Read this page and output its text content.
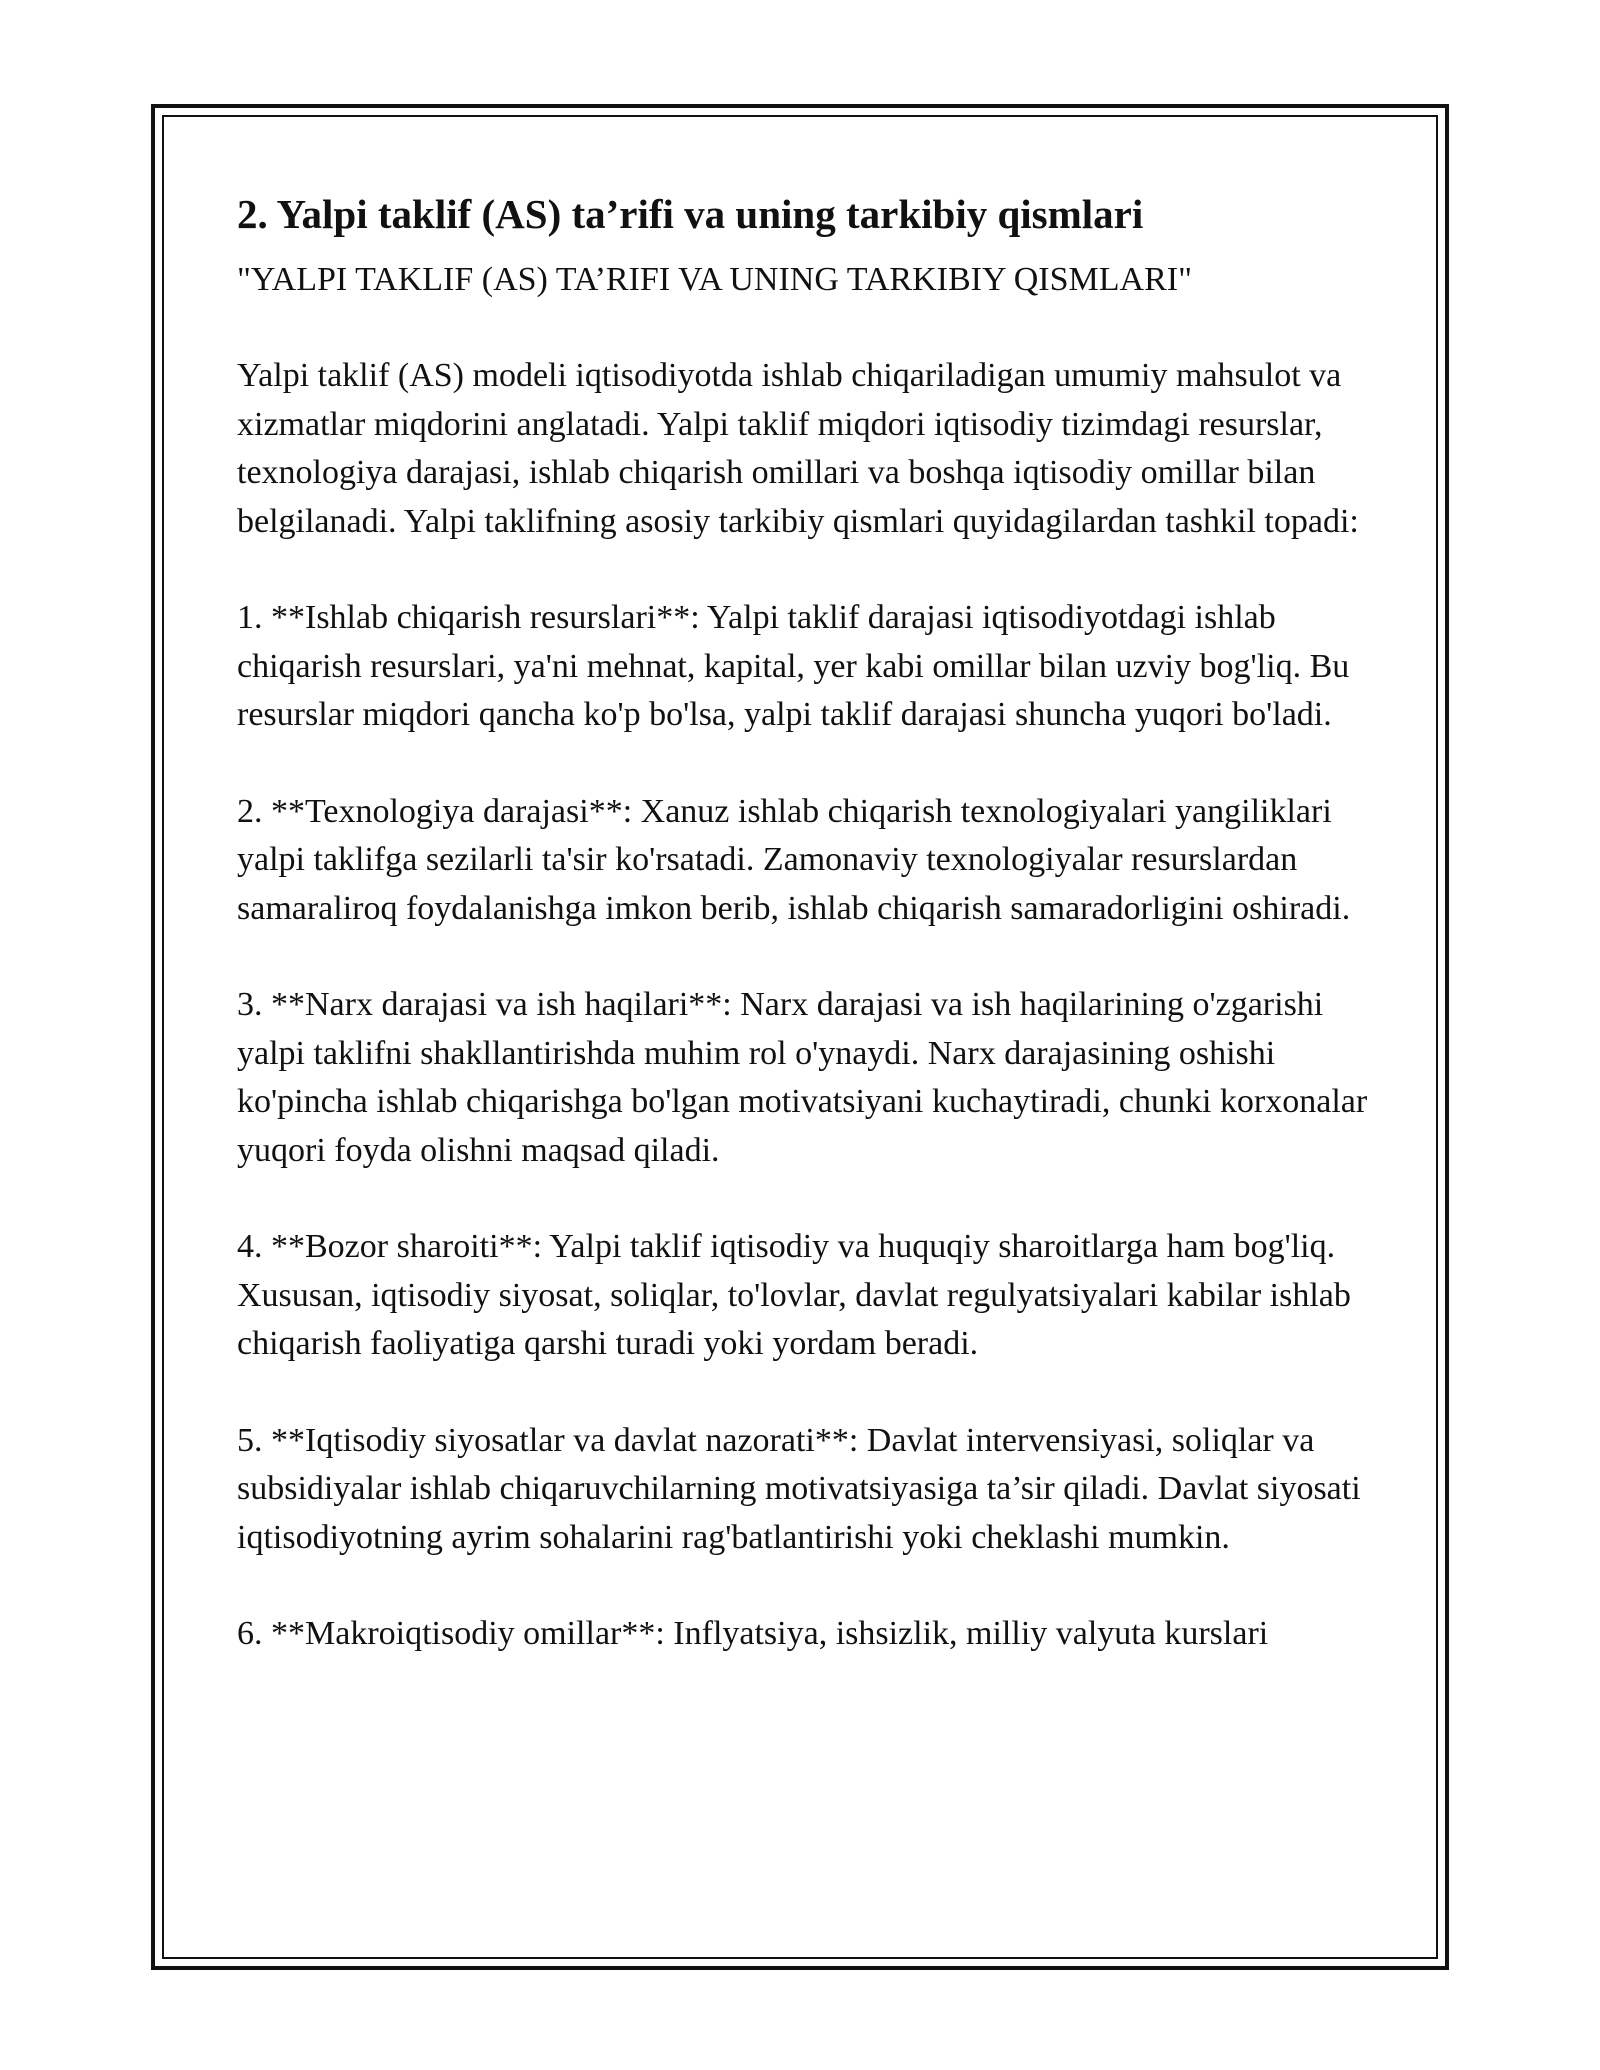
2. Yalpi taklif (AS) ta’rifi va uning tarkibiy qismlari

"YALPI TAKLIF (AS) TA’RIFI VA UNING TARKIBIY QISMLARI"

Yalpi taklif (AS) modeli iqtisodiyotda ishlab chiqariladigan umumiy mahsulot va xizmatlar miqdorini anglatadi. Yalpi taklif miqdori iqtisodiy tizimdagi resurslar, texnologiya darajasi, ishlab chiqarish omillari va boshqa iqtisodiy omillar bilan belgilanadi. Yalpi taklifning asosiy tarkibiy qismlari quyidagilardan tashkil topadi:

1. **Ishlab chiqarish resurslari**: Yalpi taklif darajasi iqtisodiyotdagi ishlab chiqarish resurslari, ya'ni mehnat, kapital, yer kabi omillar bilan uzviy bog'liq. Bu resurslar miqdori qancha ko'p bo'lsa, yalpi taklif darajasi shuncha yuqori bo'ladi.

2. **Texnologiya darajasi**: Xanuz ishlab chiqarish texnologiyalari yangiliklari yalpi taklifga sezilarli ta'sir ko'rsatadi. Zamonaviy texnologiyalar resurslardan samaraliroq foydalanishga imkon berib, ishlab chiqarish samaradorligini oshiradi.

3. **Narx darajasi va ish haqilari**: Narx darajasi va ish haqilarining o'zgarishi yalpi taklifni shakllantirishda muhim rol o'ynaydi. Narx darajasining oshishi ko'pincha ishlab chiqarishga bo'lgan motivatsiyani kuchaytiradi, chunki korxonalar yuqori foyda olishni maqsad qiladi.

4. **Bozor sharoiti**: Yalpi taklif iqtisodiy va huquqiy sharoitlarga ham bog'liq. Xususan, iqtisodiy siyosat, soliqlar, to'lovlar, davlat regulyatsiyalari kabilar ishlab chiqarish faoliyatiga qarshi turadi yoki yordam beradi.

5. **Iqtisodiy siyosatlar va davlat nazorati**: Davlat intervensiyasi, soliqlar va subsidiyalar ishlab chiqaruvchilarning motivatsiyasiga ta’sir qiladi. Davlat siyosati iqtisodiyotning ayrim sohalarini rag'batlantirishi yoki cheklashi mumkin.

6. **Makroiqtisodiy omillar**: Inflyatsiya, ishsizlik, milliy valyuta kurslari
